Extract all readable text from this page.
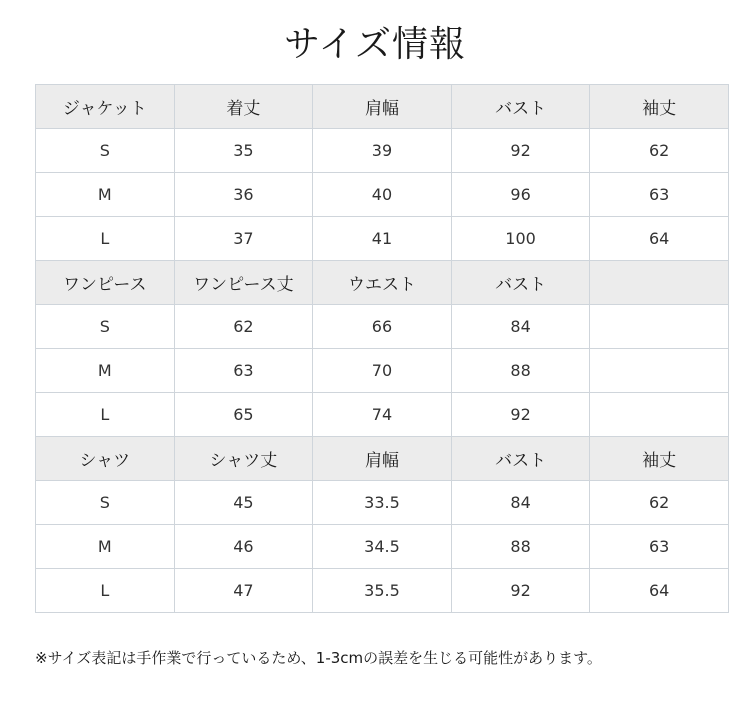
サイズ情報
ジャケット	着丈	肩幅	バスト	袖丈
S	35	39	92	62
M	36	40	96	63
L	37	41	100	64
ワンピース	ワンピース丈	ウエスト	バスト	
S	62	66	84	
M	63	70	88	
L	65	74	92	
シャツ	シャツ丈	肩幅	バスト	袖丈
S	45	33.5	84	62
M	46	34.5	88	63
L	47	35.5	92	64
※サイズ表記は手作業で行っているため、1-3cmの誤差を生じる可能性があります。
